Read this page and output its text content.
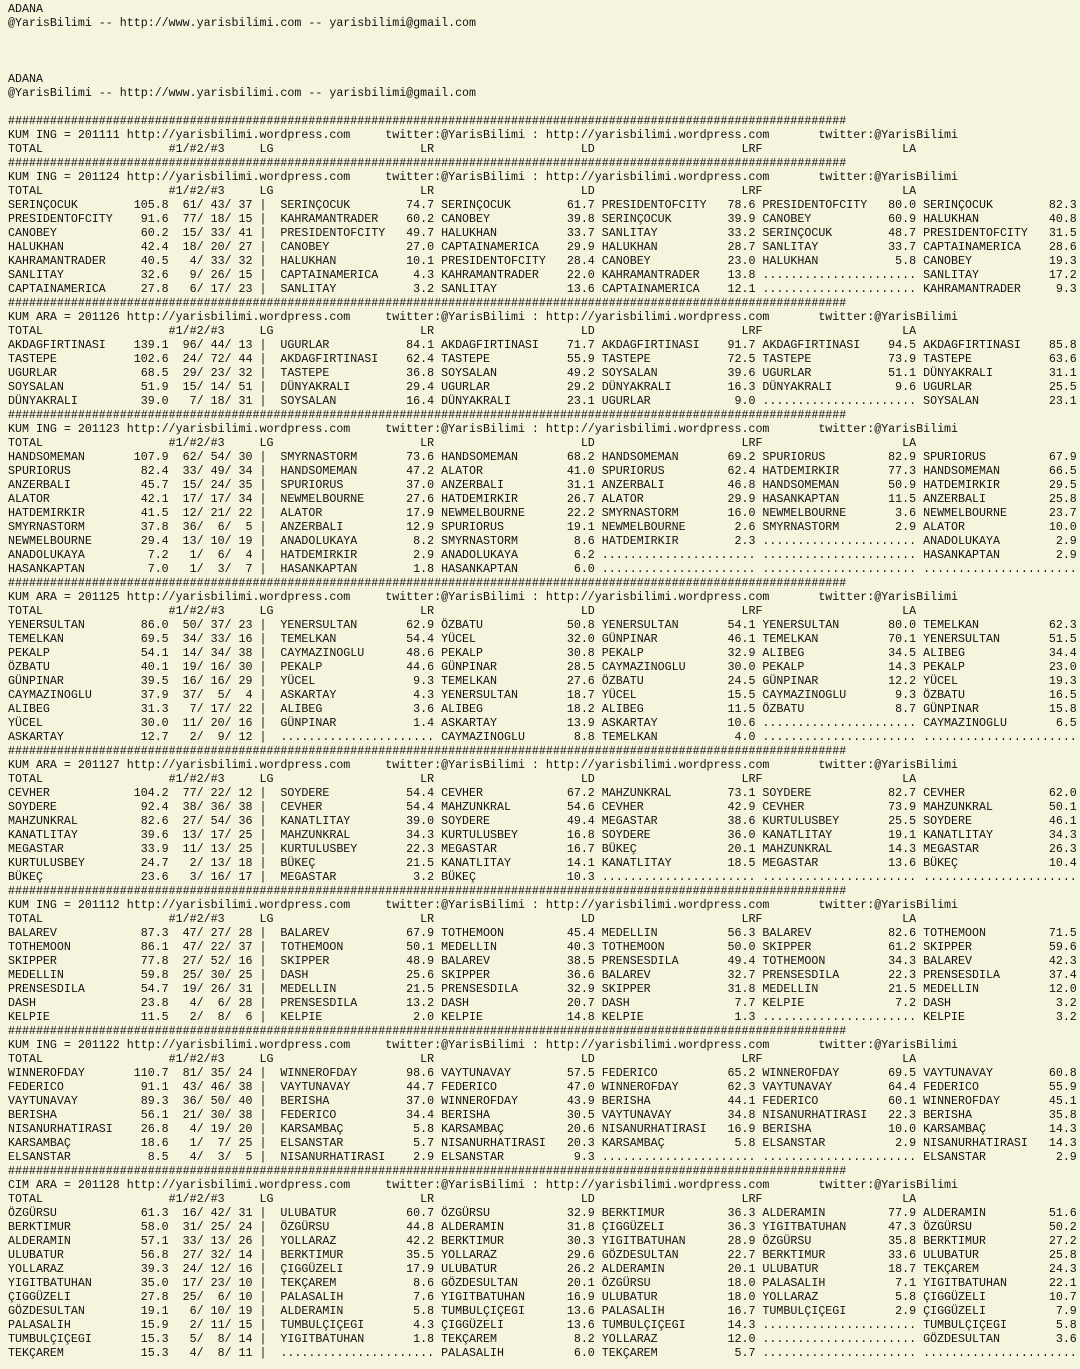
ADANA
@YarisBilimi -- http://www.yarisbilimi.com -- yarisbilimi@gmail.com
ADANA
@YarisBilimi -- http://www.yarisbilimi.com -- yarisbilimi@gmail.com
########################################################################################################################
KUM ING = 201111 http://yarisbilimi.wordpress.com     twitter:@YarisBilimi : http://yarisbilimi.wordpress.com       twitter:@YarisBilimi
TOTAL                  #1/#2/#3     LG                     LR                     LD                     LRF                    LA
########################################################################################################################
KUM ING = 201124 http://yarisbilimi.wordpress.com     twitter:@YarisBilimi : http://yarisbilimi.wordpress.com       twitter:@YarisBilimi
TOTAL                  #1/#2/#3     LG                     LR                     LD                     LRF                    LA
SERINÇOCUK        105.8  61/ 43/ 37 |  SERINÇOCUK        74.7 SERINÇOCUK        61.7 PRESIDENTOFCITY   78.6 PRESIDENTOFCITY   80.0 SERINÇOCUK        82.3
PRESIDENTOFCITY    91.6  77/ 18/ 15 |  KAHRAMANTRADER    60.2 CANOBEY           39.8 SERINÇOCUK        39.9 CANOBEY           60.9 HALUKHAN          40.8
CANOBEY            60.2  15/ 33/ 41 |  PRESIDENTOFCITY   49.7 HALUKHAN          33.7 SANLITAY          33.2 SERINÇOCUK        48.7 PRESIDENTOFCITY   31.5
HALUKHAN           42.4  18/ 20/ 27 |  CANOBEY           27.0 CAPTAINAMERICA    29.9 HALUKHAN          28.7 SANLITAY          33.7 CAPTAINAMERICA    28.6
KAHRAMANTRADER     40.5   4/ 33/ 32 |  HALUKHAN          10.1 PRESIDENTOFCITY   28.4 CANOBEY           23.0 HALUKHAN           5.8 CANOBEY           19.3
SANLITAY           32.6   9/ 26/ 15 |  CAPTAINAMERICA     4.3 KAHRAMANTRADER    22.0 KAHRAMANTRADER    13.8 ...................... SANLITAY          17.2
CAPTAINAMERICA     27.8   6/ 17/ 23 |  SANLITAY           3.2 SANLITAY          13.6 CAPTAINAMERICA    12.1 ...................... KAHRAMANTRADER     9.3
########################################################################################################################
KUM ARA = 201126 http://yarisbilimi.wordpress.com     twitter:@YarisBilimi : http://yarisbilimi.wordpress.com       twitter:@YarisBilimi
TOTAL                  #1/#2/#3     LG                     LR                     LD                     LRF                    LA
AKDAGFIRTINASI    139.1  96/ 44/ 13 |  UGURLAR           84.1 AKDAGFIRTINASI    71.7 AKDAGFIRTINASI    91.7 AKDAGFIRTINASI    94.5 AKDAGFIRTINASI    85.8
TASTEPE           102.6  24/ 72/ 44 |  AKDAGFIRTINASI    62.4 TASTEPE           55.9 TASTEPE           72.5 TASTEPE           73.9 TASTEPE           63.6
UGURLAR            68.5  29/ 23/ 32 |  TASTEPE           36.8 SOYSALAN          49.2 SOYSALAN          39.6 UGURLAR           51.1 DÜNYAKRALI        31.1
SOYSALAN           51.9  15/ 14/ 51 |  DÜNYAKRALI        29.4 UGURLAR           29.2 DÜNYAKRALI        16.3 DÜNYAKRALI         9.6 UGURLAR           25.5
DÜNYAKRALI         39.0   7/ 18/ 31 |  SOYSALAN          16.4 DÜNYAKRALI        23.1 UGURLAR            9.0 ...................... SOYSALAN          23.1
########################################################################################################################
KUM ING = 201123 http://yarisbilimi.wordpress.com     twitter:@YarisBilimi : http://yarisbilimi.wordpress.com       twitter:@YarisBilimi
TOTAL                  #1/#2/#3     LG                     LR                     LD                     LRF                    LA
HANDSOMEMAN       107.9  62/ 54/ 30 |  SMYRNASTORM       73.6 HANDSOMEMAN       68.2 HANDSOMEMAN       69.2 SPURIORUS         82.9 SPURIORUS         67.9
SPURIORUS          82.4  33/ 49/ 34 |  HANDSOMEMAN       47.2 ALATOR            41.0 SPURIORUS         62.4 HATDEMIRKIR       77.3 HANDSOMEMAN       66.5
ANZERBALI          45.7  15/ 24/ 35 |  SPURIORUS         37.0 ANZERBALI         31.1 ANZERBALI         46.8 HANDSOMEMAN       50.9 HATDEMIRKIR       29.5
ALATOR             42.1  17/ 17/ 34 |  NEWMELBOURNE      27.6 HATDEMIRKIR       26.7 ALATOR            29.9 HASANKAPTAN       11.5 ANZERBALI         25.8
HATDEMIRKIR        41.5  12/ 21/ 22 |  ALATOR            17.9 NEWMELBOURNE      22.2 SMYRNASTORM       16.0 NEWMELBOURNE       3.6 NEWMELBOURNE      23.7
SMYRNASTORM        37.8  36/  6/  5 |  ANZERBALI         12.9 SPURIORUS         19.1 NEWMELBOURNE       2.6 SMYRNASTORM        2.9 ALATOR            10.0
NEWMELBOURNE       29.4  13/ 10/ 19 |  ANADOLUKAYA        8.2 SMYRNASTORM        8.6 HATDEMIRKIR        2.3 ...................... ANADOLUKAYA        2.9
ANADOLUKAYA         7.2   1/  6/  4 |  HATDEMIRKIR        2.9 ANADOLUKAYA        6.2 ...................... ...................... HASANKAPTAN        2.9
HASANKAPTAN         7.0   1/  3/  7 |  HASANKAPTAN        1.8 HASANKAPTAN        6.0 ...................... ...................... ......................
########################################################################################################################
KUM ARA = 201125 http://yarisbilimi.wordpress.com     twitter:@YarisBilimi : http://yarisbilimi.wordpress.com       twitter:@YarisBilimi
TOTAL                  #1/#2/#3     LG                     LR                     LD                     LRF                    LA
YENERSULTAN        86.0  50/ 37/ 23 |  YENERSULTAN       62.9 ÖZBATU            50.8 YENERSULTAN       54.1 YENERSULTAN       80.0 TEMELKAN          62.3
TEMELKAN           69.5  34/ 33/ 16 |  TEMELKAN          54.4 YÜCEL             32.0 GÜNPINAR          46.1 TEMELKAN          70.1 YENERSULTAN       51.5
PEKALP             54.1  14/ 34/ 38 |  CAYMAZINOGLU      48.6 PEKALP            30.8 PEKALP            32.9 ALIBEG            34.5 ALIBEG            34.4
ÖZBATU             40.1  19/ 16/ 30 |  PEKALP            44.6 GÜNPINAR          28.5 CAYMAZINOGLU      30.0 PEKALP            14.3 PEKALP            23.0
GÜNPINAR           39.5  16/ 16/ 29 |  YÜCEL              9.3 TEMELKAN          27.6 ÖZBATU            24.5 GÜNPINAR          12.2 YÜCEL             19.3
CAYMAZINOGLU       37.9  37/  5/  4 |  ASKARTAY           4.3 YENERSULTAN       18.7 YÜCEL             15.5 CAYMAZINOGLU       9.3 ÖZBATU            16.5
ALIBEG             31.3   7/ 17/ 22 |  ALIBEG             3.6 ALIBEG            18.2 ALIBEG            11.5 ÖZBATU             8.7 GÜNPINAR          15.8
YÜCEL              30.0  11/ 20/ 16 |  GÜNPINAR           1.4 ASKARTAY          13.9 ASKARTAY          10.6 ...................... CAYMAZINOGLU       6.5
ASKARTAY           12.7   2/  9/ 12 |  ...................... CAYMAZINOGLU       8.8 TEMELKAN           4.0 ...................... ......................
########################################################################################################################
KUM ARA = 201127 http://yarisbilimi.wordpress.com     twitter:@YarisBilimi : http://yarisbilimi.wordpress.com       twitter:@YarisBilimi
TOTAL                  #1/#2/#3     LG                     LR                     LD                     LRF                    LA
CEVHER            104.2  77/ 22/ 12 |  SOYDERE           54.4 CEVHER            67.2 MAHZUNKRAL        73.1 SOYDERE           82.7 CEVHER            62.0
SOYDERE            92.4  38/ 36/ 38 |  CEVHER            54.4 MAHZUNKRAL        54.6 CEVHER            42.9 CEVHER            73.9 MAHZUNKRAL        50.1
MAHZUNKRAL         82.6  27/ 54/ 36 |  KANATLITAY        39.0 SOYDERE           49.4 MEGASTAR          38.6 KURTULUSBEY       25.5 SOYDERE           46.1
KANATLITAY         39.6  13/ 17/ 25 |  MAHZUNKRAL        34.3 KURTULUSBEY       16.8 SOYDERE           36.0 KANATLITAY        19.1 KANATLITAY        34.3
MEGASTAR           33.9  11/ 13/ 25 |  KURTULUSBEY       22.3 MEGASTAR          16.7 BÜKEÇ             20.1 MAHZUNKRAL        14.3 MEGASTAR          26.3
KURTULUSBEY        24.7   2/ 13/ 18 |  BÜKEÇ             21.5 KANATLITAY        14.1 KANATLITAY        18.5 MEGASTAR          13.6 BÜKEÇ             10.4
BÜKEÇ              23.6   3/ 16/ 17 |  MEGASTAR           3.2 BÜKEÇ             10.3 ...................... ...................... ......................
########################################################################################################################
KUM ING = 201112 http://yarisbilimi.wordpress.com     twitter:@YarisBilimi : http://yarisbilimi.wordpress.com       twitter:@YarisBilimi
TOTAL                  #1/#2/#3     LG                     LR                     LD                     LRF                    LA
BALAREV            87.3  47/ 27/ 28 |  BALAREV           67.9 TOTHEMOON         45.4 MEDELLIN          56.3 BALAREV           82.6 TOTHEMOON         71.5
TOTHEMOON          86.1  47/ 22/ 37 |  TOTHEMOON         50.1 MEDELLIN          40.3 TOTHEMOON         50.0 SKIPPER           61.2 SKIPPER           59.6
SKIPPER            77.8  27/ 52/ 16 |  SKIPPER           48.9 BALAREV           38.5 PRENSESDILA       49.4 TOTHEMOON         34.3 BALAREV           42.3
MEDELLIN           59.8  25/ 30/ 25 |  DASH              25.6 SKIPPER           36.6 BALAREV           32.7 PRENSESDILA       22.3 PRENSESDILA       37.4
PRENSESDILA        54.7  19/ 26/ 31 |  MEDELLIN          21.5 PRENSESDILA       32.9 SKIPPER           31.8 MEDELLIN          21.5 MEDELLIN          12.0
DASH               23.8   4/  6/ 28 |  PRENSESDILA       13.2 DASH              20.7 DASH               7.7 KELPIE             7.2 DASH               3.2
KELPIE             11.5   2/  8/  6 |  KELPIE             2.0 KELPIE            14.8 KELPIE             1.3 ...................... KELPIE             3.2
########################################################################################################################
KUM ING = 201122 http://yarisbilimi.wordpress.com     twitter:@YarisBilimi : http://yarisbilimi.wordpress.com       twitter:@YarisBilimi
TOTAL                  #1/#2/#3     LG                     LR                     LD                     LRF                    LA
WINNEROFDAY       110.7  81/ 35/ 24 |  WINNEROFDAY       98.6 VAYTUNAVAY        57.5 FEDERICO          65.2 WINNEROFDAY       69.5 VAYTUNAVAY        60.8
FEDERICO           91.1  43/ 46/ 38 |  VAYTUNAVAY        44.7 FEDERICO          47.0 WINNEROFDAY       62.3 VAYTUNAVAY        64.4 FEDERICO          55.9
VAYTUNAVAY         89.3  36/ 50/ 40 |  BERISHA           37.0 WINNEROFDAY       43.9 BERISHA           44.1 FEDERICO          60.1 WINNEROFDAY       45.1
BERISHA            56.1  21/ 30/ 38 |  FEDERICO          34.4 BERISHA           30.5 VAYTUNAVAY        34.8 NISANURHATIRASI   22.3 BERISHA           35.8
NISANURHATIRASI    26.8   4/ 19/ 20 |  KARSAMBAÇ          5.8 KARSAMBAÇ         20.6 NISANURHATIRASI   16.9 BERISHA           10.0 KARSAMBAÇ         14.3
KARSAMBAÇ          18.6   1/  7/ 25 |  ELSANSTAR          5.7 NISANURHATIRASI   20.3 KARSAMBAÇ          5.8 ELSANSTAR          2.9 NISANURHATIRASI   14.3
ELSANSTAR           8.5   4/  3/  5 |  NISANURHATIRASI    2.9 ELSANSTAR          9.3 ...................... ...................... ELSANSTAR          2.9
########################################################################################################################
CIM ARA = 201128 http://yarisbilimi.wordpress.com     twitter:@YarisBilimi : http://yarisbilimi.wordpress.com       twitter:@YarisBilimi
TOTAL                  #1/#2/#3     LG                     LR                     LD                     LRF                    LA
ÖZGÜRSU            61.3  16/ 42/ 31 |  ULUBATUR          60.7 ÖZGÜRSU           32.9 BERKTIMUR         36.3 ALDERAMIN         77.9 ALDERAMIN         51.6
BERKTIMUR          58.0  31/ 25/ 24 |  ÖZGÜRSU           44.8 ALDERAMIN         31.8 ÇIGGÜZELI         36.3 YIGITBATUHAN      47.3 ÖZGÜRSU           50.2
ALDERAMIN          57.1  33/ 13/ 26 |  YOLLARAZ          42.2 BERKTIMUR         30.3 YIGITBATUHAN      28.9 ÖZGÜRSU           35.8 BERKTIMUR         27.2
ULUBATUR           56.8  27/ 32/ 14 |  BERKTIMUR         35.5 YOLLARAZ          29.6 GÖZDESULTAN       22.7 BERKTIMUR         33.6 ULUBATUR          25.8
YOLLARAZ           39.3  24/ 12/ 16 |  ÇIGGÜZELI         17.9 ULUBATUR          26.2 ALDERAMIN         20.1 ULUBATUR          18.7 TEKÇAREM          24.3
YIGITBATUHAN       35.0  17/ 23/ 10 |  TEKÇAREM           8.6 GÖZDESULTAN       20.1 ÖZGÜRSU           18.0 PALASALIH          7.1 YIGITBATUHAN      22.1
ÇIGGÜZELI          27.8  25/  6/ 10 |  PALASALIH          7.6 YIGITBATUHAN      16.9 ULUBATUR          18.0 YOLLARAZ           5.8 ÇIGGÜZELI         10.7
GÖZDESULTAN        19.1   6/ 10/ 19 |  ALDERAMIN          5.8 TUMBULÇIÇEGI      13.6 PALASALIH         16.7 TUMBULÇIÇEGI       2.9 ÇIGGÜZELI          7.9
PALASALIH          15.9   2/ 11/ 15 |  TUMBULÇIÇEGI       4.3 ÇIGGÜZELI         13.6 TUMBULÇIÇEGI      14.3 ...................... TUMBULÇIÇEGI       5.8
TUMBULÇIÇEGI       15.3   5/  8/ 14 |  YIGITBATUHAN       1.8 TEKÇAREM           8.2 YOLLARAZ          12.0 ...................... GÖZDESULTAN        3.6
TEKÇAREM           15.3   4/  8/ 11 |  ...................... PALASALIH          6.0 TEKÇAREM           5.7 ...................... ......................
